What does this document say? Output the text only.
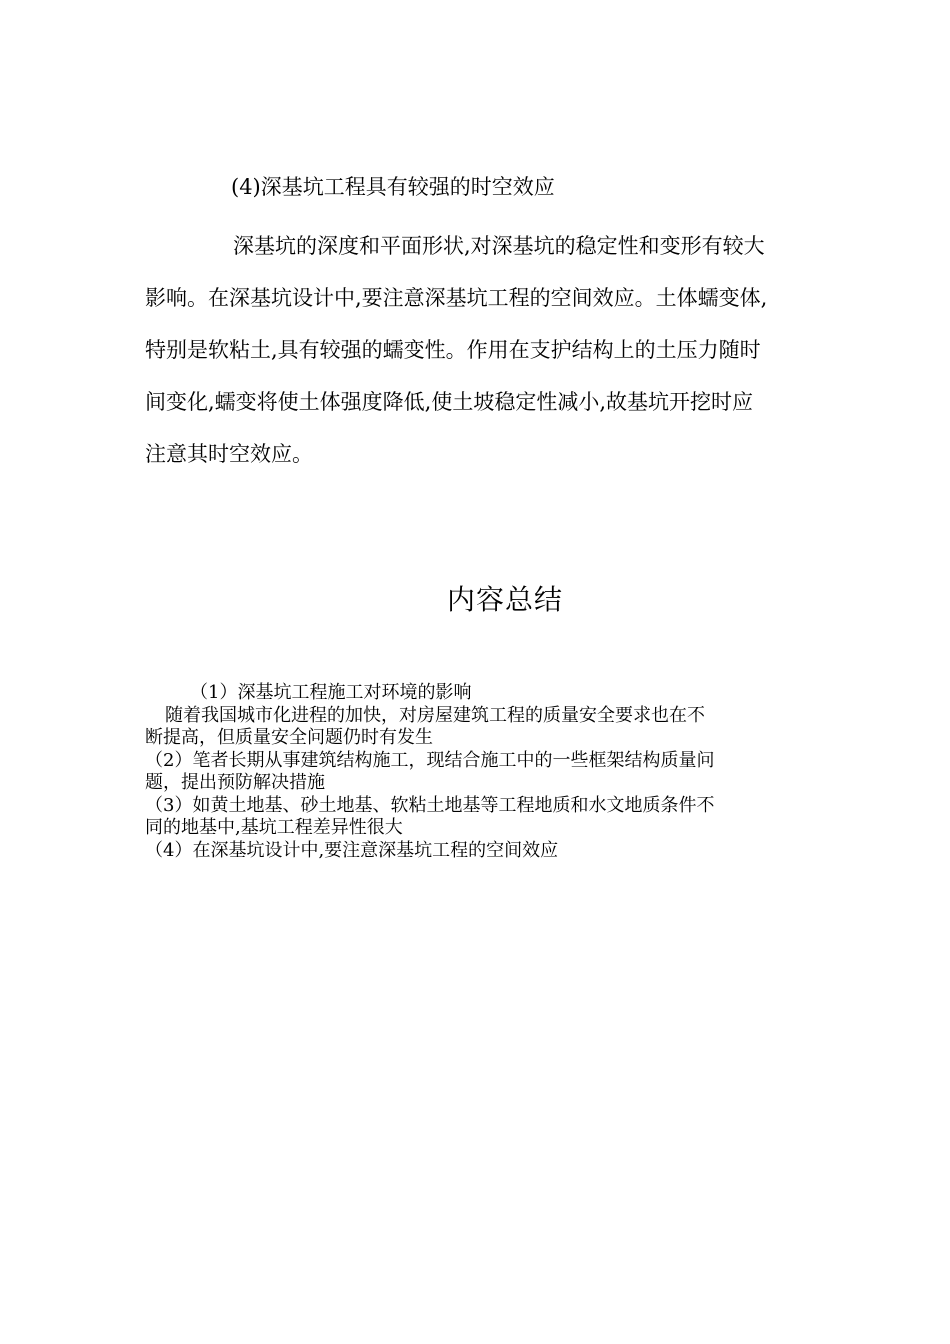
(4)深基坑工程具有较强的时空效应
深基坑的深度和平面形状,对深基坑的稳定性和变形有较大
影响。在深基坑设计中,要注意深基坑工程的空间效应。土体蠕变体,
特别是软粘土,具有较强的蠕变性。作用在支护结构上的土压力随时
间变化,蠕变将使土体强度降低,使土坡稳定性减小,故基坑开挖时应
注意其时空效应。
内容总结
（1）深基坑工程施工对环境的影响
随着我国城市化进程的加快，对房屋建筑工程的质量安全要求也在不
断提高，但质量安全问题仍时有发生
（2）笔者长期从事建筑结构施工，现结合施工中的一些框架结构质量问
题，提出预防解决措施
（3）如黄土地基、砂土地基、软粘土地基等工程地质和水文地质条件不
同的地基中,基坑工程差异性很大
（4）在深基坑设计中,要注意深基坑工程的空间效应
